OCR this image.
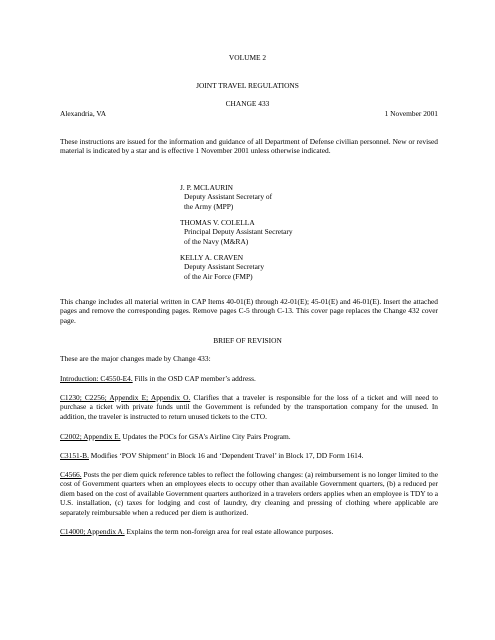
VOLUME 2
JOINT TRAVEL REGULATIONS
CHANGE 433
Alexandria, VA	1 November 2001
These instructions are issued for the information and guidance of all Department of Defense civilian personnel. New or revised material is indicated by a star and is effective 1 November 2001 unless otherwise indicated.
J. P. MCLAURIN
Deputy Assistant Secretary of
the Army (MPP)
THOMAS V. COLELLA
Principal Deputy Assistant Secretary
of the Navy (M&RA)
KELLY A. CRAVEN
Deputy Assistant Secretary
of the Air Force (FMP)
This change includes all material written in CAP Items 40-01(E) through 42-01(E); 45-01(E) and 46-01(E). Insert the attached pages and remove the corresponding pages. Remove pages C-5 through C-13. This cover page replaces the Change 432 cover page.
BRIEF OF REVISION
These are the major changes made by Change 433:
Introduction: C4550-E4. Fills in the OSD CAP member’s address.
C1230; C2256; Appendix E; Appendix O. Clarifies that a traveler is responsible for the loss of a ticket and will need to purchase a ticket with private funds until the Government is refunded by the transportation company for the unused. In addition, the traveler is instructed to return unused tickets to the CTO.
C2002; Appendix E. Updates the POCs for GSA's Airline City Pairs Program.
C3151-B. Modifies ‘POV Shipment’ in Block 16 and ‘Dependent Travel’ in Block 17, DD Form 1614.
C4566. Posts the per diem quick reference tables to reflect the following changes: (a) reimbursement is no longer limited to the cost of Government quarters when an employees elects to occupy other than available Government quarters, (b) a reduced per diem based on the cost of available Government quarters authorized in a travelers orders applies when an employee is TDY to a U.S. installation, (c) taxes for lodging and cost of laundry, dry cleaning and pressing of clothing where applicable are separately reimbursable when a reduced per diem is authorized.
C14000; Appendix A. Explains the term non-foreign area for real estate allowance purposes.
